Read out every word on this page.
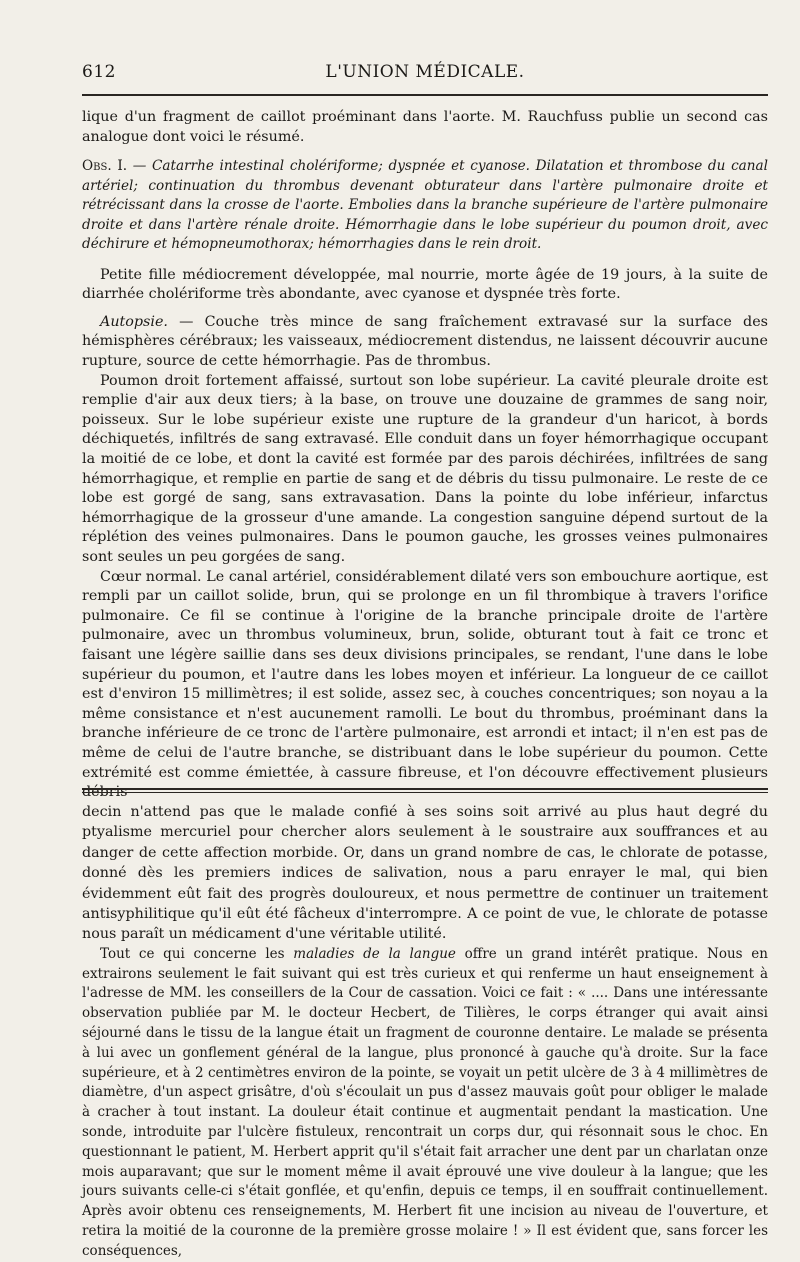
612	L'UNION MÉDICALE.

lique d'un fragment de caillot proéminant dans l'aorte. M. Rauchfuss publie un second cas analogue dont voici le résumé.

Obs. I. — Catarrhe intestinal cholériforme; dyspnée et cyanose. Dilatation et thrombose du canal artériel; continuation du thrombus devenant obturateur dans l'artère pulmonaire droite et rétrécissant dans la crosse de l'aorte. Embolies dans la branche supérieure de l'artère pulmonaire droite et dans l'artère rénale droite. Hémorrhagie dans le lobe supérieur du poumon droit, avec déchirure et hémopneumothorax; hémorrhagies dans le rein droit.

Petite fille médiocrement développée, mal nourrie, morte âgée de 19 jours, à la suite de diarrhée cholériforme très abondante, avec cyanose et dyspnée très forte.

Autopsie. — Couche très mince de sang fraîchement extravasé sur la surface des hémisphères cérébraux; les vaisseaux, médiocrement distendus, ne laissent découvrir aucune rupture, source de cette hémorrhagie. Pas de thrombus.

Poumon droit fortement affaissé, surtout son lobe supérieur. La cavité pleurale droite est remplie d'air aux deux tiers; à la base, on trouve une douzaine de grammes de sang noir, poisseux. Sur le lobe supérieur existe une rupture de la grandeur d'un haricot, à bords déchiquetés, infiltrés de sang extravasé. Elle conduit dans un foyer hémorrhagique occupant la moitié de ce lobe, et dont la cavité est formée par des parois déchirées, infiltrées de sang hémorrhagique, et remplie en partie de sang et de débris du tissu pulmonaire. Le reste de ce lobe est gorgé de sang, sans extravasation. Dans la pointe du lobe inférieur, infarctus hémorrhagique de la grosseur d'une amande. La congestion sanguine dépend surtout de la réplétion des veines pulmonaires. Dans le poumon gauche, les grosses veines pulmonaires sont seules un peu gorgées de sang.

Cœur normal. Le canal artériel, considérablement dilaté vers son embouchure aortique, est rempli par un caillot solide, brun, qui se prolonge en un fil thrombique à travers l'orifice pulmonaire. Ce fil se continue à l'origine de la branche principale droite de l'artère pulmonaire, avec un thrombus volumineux, brun, solide, obturant tout à fait ce tronc et faisant une légère saillie dans ses deux divisions principales, se rendant, l'une dans le lobe supérieur du poumon, et l'autre dans les lobes moyen et inférieur. La longueur de ce caillot est d'environ 15 millimètres; il est solide, assez sec, à couches concentriques; son noyau a la même consistance et n'est aucunement ramolli. Le bout du thrombus, proéminant dans la branche inférieure de ce tronc de l'artère pulmonaire, est arrondi et intact; il n'en est pas de même de celui de l'autre branche, se distribuant dans le lobe supérieur du poumon. Cette extrémité est comme émiettée, à cassure fibreuse, et l'on découvre effectivement plusieurs débris

decin n'attend pas que le malade confié à ses soins soit arrivé au plus haut degré du ptyalisme mercuriel pour chercher alors seulement à le soustraire aux souffrances et au danger de cette affection morbide. Or, dans un grand nombre de cas, le chlorate de potasse, donné dès les premiers indices de salivation, nous a paru enrayer le mal, qui bien évidemment eût fait des progrès douloureux, et nous permettre de continuer un traitement antisyphilitique qu'il eût été fâcheux d'interrompre. A ce point de vue, le chlorate de potasse nous paraît un médicament d'une véritable utilité.

Tout ce qui concerne les maladies de la langue offre un grand intérêt pratique. Nous en extrairons seulement le fait suivant qui est très curieux et qui renferme un haut enseignement à l'adresse de MM. les conseillers de la Cour de cassation. Voici ce fait : « .... Dans une intéressante observation publiée par M. le docteur Hecbert, de Tilières, le corps étranger qui avait ainsi séjourné dans le tissu de la langue était un fragment de couronne dentaire. Le malade se présenta à lui avec un gonflement général de la langue, plus prononcé à gauche qu'à droite. Sur la face supérieure, et à 2 centimètres environ de la pointe, se voyait un petit ulcère de 3 à 4 millimètres de diamètre, d'un aspect grisâtre, d'où s'écoulait un pus d'assez mauvais goût pour obliger le malade à cracher à tout instant. La douleur était continue et augmentait pendant la mastication. Une sonde, introduite par l'ulcère fistuleux, rencontrait un corps dur, qui résonnait sous le choc. En questionnant le patient, M. Herbert apprit qu'il s'était fait arracher une dent par un charlatan onze mois auparavant; que sur le moment même il avait éprouvé une vive douleur à la langue; que les jours suivants celle-ci s'était gonflée, et qu'enfin, depuis ce temps, il en souffrait continuellement. Après avoir obtenu ces renseignements, M. Herbert fit une incision au niveau de l'ouverture, et retira la moitié de la couronne de la première grosse molaire ! » Il est évident que, sans forcer les conséquences,
